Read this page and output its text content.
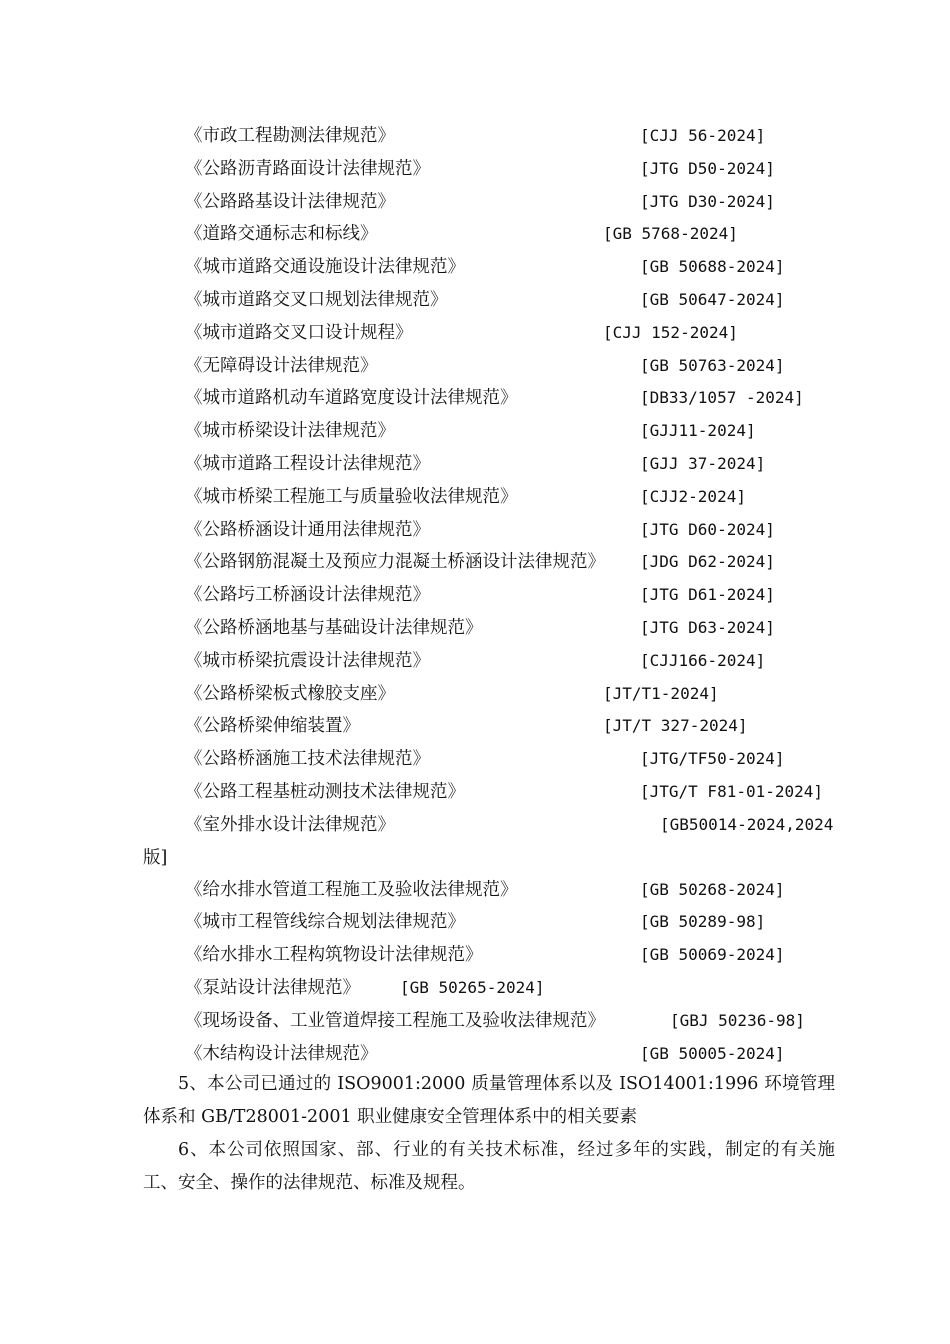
《市政工程勘测法律规范》	[CJJ 56-2024]
《公路沥青路面设计法律规范》	[JTG D50-2024]
《公路路基设计法律规范》	[JTG D30-2024]
《道路交通标志和标线》	[GB 5768-2024]
《城市道路交通设施设计法律规范》	[GB 50688-2024]
《城市道路交叉口规划法律规范》	[GB 50647-2024]
《城市道路交叉口设计规程》	[CJJ 152-2024]
《无障碍设计法律规范》	[GB 50763-2024]
《城市道路机动车道路宽度设计法律规范》	[DB33/1057 -2024]
《城市桥梁设计法律规范》	[GJJ11-2024]
《城市道路工程设计法律规范》	[GJJ 37-2024]
《城市桥梁工程施工与质量验收法律规范》	[CJJ2-2024]
《公路桥涵设计通用法律规范》	[JTG D60-2024]
《公路钢筋混凝土及预应力混凝土桥涵设计法律规范》 [JDG D62-2024]
《公路圬工桥涵设计法律规范》	[JTG D61-2024]
《公路桥涵地基与基础设计法律规范》	[JTG D63-2024]
《城市桥梁抗震设计法律规范》	[CJJ166-2024]
《公路桥梁板式橡胶支座》	[JT/T1-2024]
《公路桥梁伸缩装置》	[JT/T 327-2024]
《公路桥涵施工技术法律规范》	[JTG/TF50-2024]
《公路工程基桩动测技术法律规范》	[JTG/T F81-01-2024]
《室外排水设计法律规范》	[GB50014-2024,2024
版]
《给水排水管道工程施工及验收法律规范》	[GB 50268-2024]
《城市工程管线综合规划法律规范》	[GB 50289-98]
《给水排水工程构筑物设计法律规范》	[GB 50069-2024]
《泵站设计法律规范》	[GB 50265-2024]
《现场设备、工业管道焊接工程施工及验收法律规范》	[GBJ 50236-98]
《木结构设计法律规范》	[GB 50005-2024]

5、本公司已通过的 ISO9001:2000 质量管理体系以及 ISO14001:1996 环境管理体系和 GB/T28001-2001 职业健康安全管理体系中的相关要素

6、本公司依照国家、部、行业的有关技术标准，经过多年的实践，制定的有关施工、安全、操作的法律规范、标准及规程。
